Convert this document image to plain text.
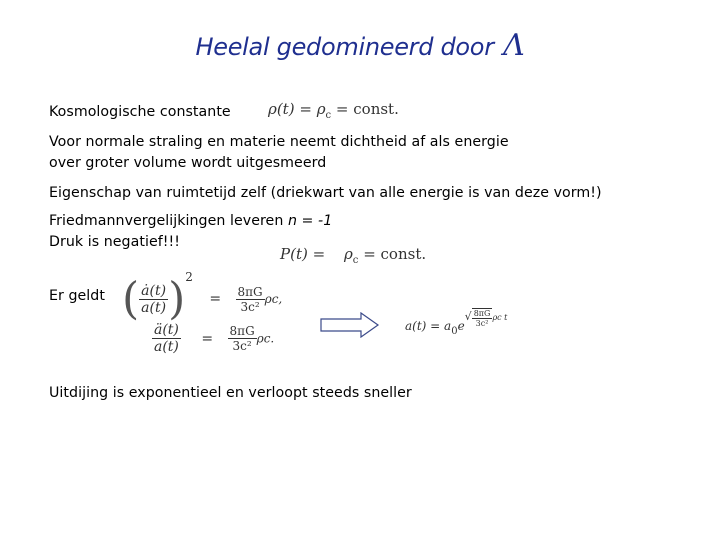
Heelal gedomineerd door Λ
Kosmologische constante $\rho(t) = \rho_c$ = const.
Voor normale straling en materie neemt dichtheid af als energie
over groter volume wordt uitgesmeerd
Eigenschap van ruimtetijd zelf (driekwart van alle energie is van deze vorm!)
Friedmannvergelijkingen leveren n = -1
Druk is negatief!!!
$P(t) = \rho_c$ = const.
Er geldt ( $\frac{ȧ(t)}{a(t)} )2 = \frac{8\pi G}{\text{3c²}} \rho c$,
$\frac{ä(t)}{a(t)} = \frac{8\pi G}{\text{3c²}} \rho c$.
$a(t) = a_0e√ \frac{8\pi G}{\text{3c²}}$ ρc t
Uitdijing is exponentieel en verloopt steeds sneller
